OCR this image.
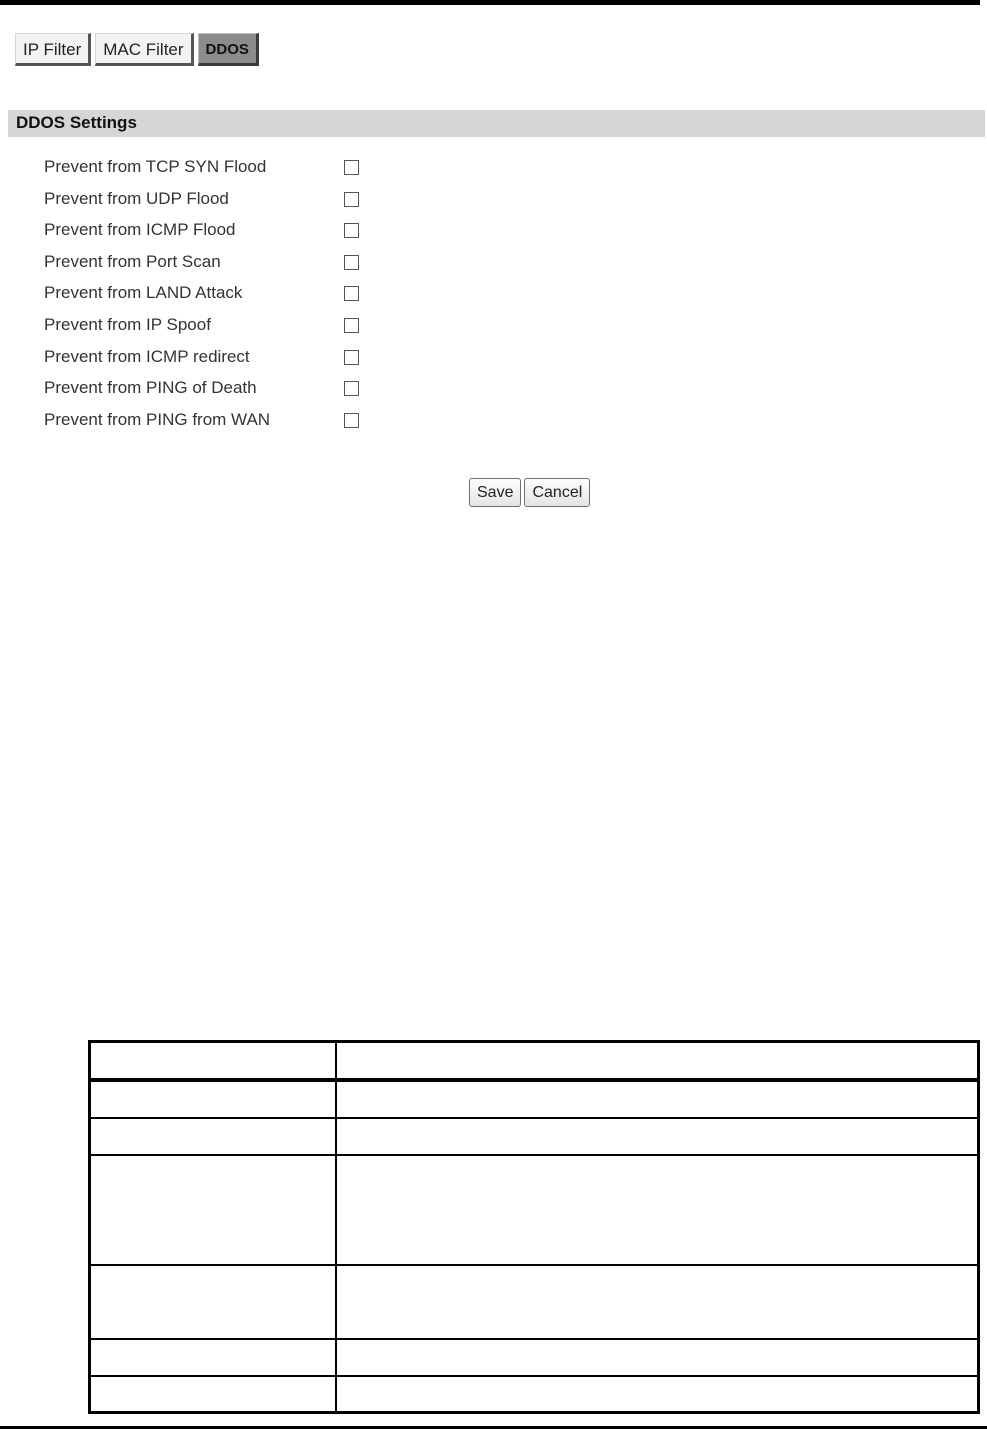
IP Filter	MAC Filter	DDOS
DDOS Settings
Prevent from TCP SYN Flood
Prevent from UDP Flood
Prevent from ICMP Flood
Prevent from Port Scan
Prevent from LAND Attack
Prevent from IP Spoof
Prevent from ICMP redirect
Prevent from PING of Death
Prevent from PING from WAN
Save	Cancel
